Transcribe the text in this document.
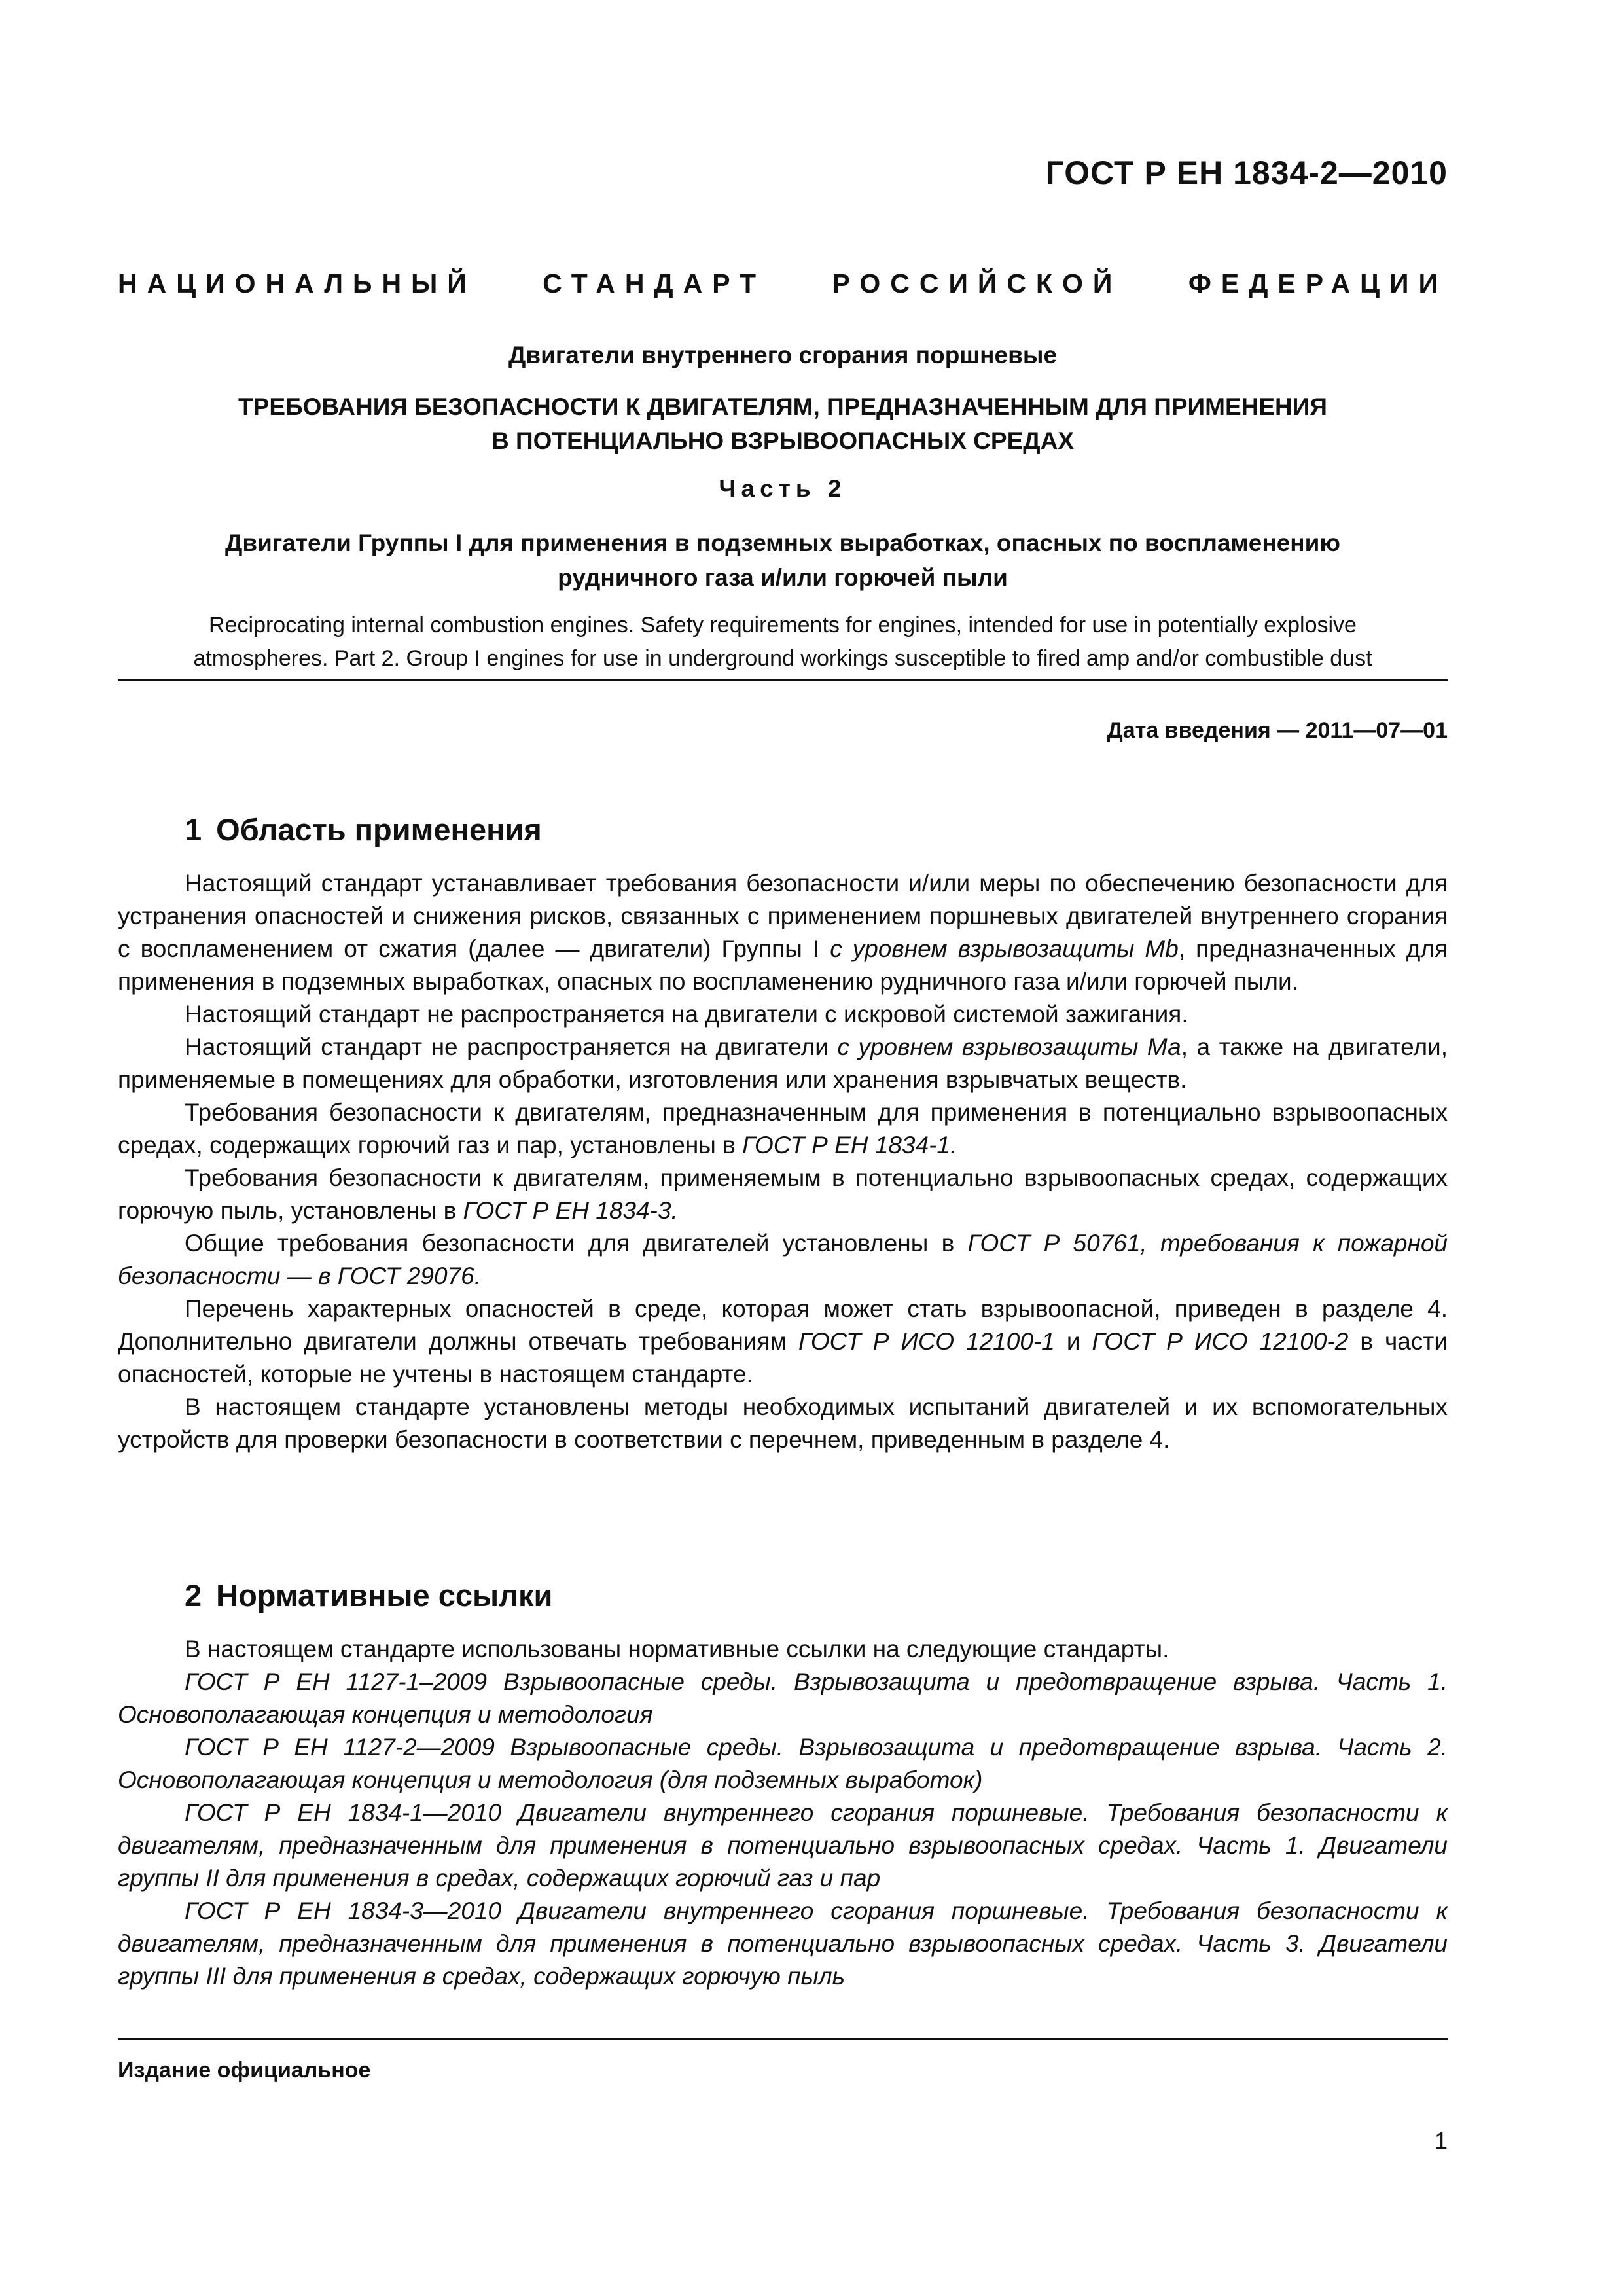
ГОСТ Р ЕН 1834-2—2010
НАЦИОНАЛЬНЫЙ СТАНДАРТ РОССИЙСКОЙ ФЕДЕРАЦИИ
Двигатели внутреннего сгорания поршневые
ТРЕБОВАНИЯ БЕЗОПАСНОСТИ К ДВИГАТЕЛЯМ, ПРЕДНАЗНАЧЕННЫМ ДЛЯ ПРИМЕНЕНИЯ
В ПОТЕНЦИАЛЬНО ВЗРЫВООПАСНЫХ СРЕДАХ
Часть 2
Двигатели Группы I для применения в подземных выработках, опасных по воспламенению
рудничного газа и/или горючей пыли
Reciprocating internal combustion engines. Safety requirements for engines, intended for use in potentially explosive
atmospheres. Part 2. Group I engines for use in underground workings susceptible to fired amp and/or combustible dust
Дата введения — 2011—07—01
1 Область применения

Настоящий стандарт устанавливает требования безопасности и/или меры по обеспечению безопасности для устранения опасностей и снижения рисков, связанных с применением поршневых двигателей внутреннего сгорания с воспламенением от сжатия (далее — двигатели) Группы I с уровнем взрывозащиты Mb, предназначенных для применения в подземных выработках, опасных по воспламенению рудничного газа и/или горючей пыли.

Настоящий стандарт не распространяется на двигатели с искровой системой зажигания.

Настоящий стандарт не распространяется на двигатели с уровнем взрывозащиты Ма, а также на двигатели, применяемые в помещениях для обработки, изготовления или хранения взрывчатых веществ.

Требования безопасности к двигателям, предназначенным для применения в потенциально взрывоопасных средах, содержащих горючий газ и пар, установлены в ГОСТ Р ЕН 1834-1.

Требования безопасности к двигателям, применяемым в потенциально взрывоопасных средах, содержащих горючую пыль, установлены в ГОСТ Р ЕН 1834-3.

Общие требования безопасности для двигателей установлены в ГОСТ Р 50761, требования к пожарной безопасности — в ГОСТ 29076.

Перечень характерных опасностей в среде, которая может стать взрывоопасной, приведен в разделе 4. Дополнительно двигатели должны отвечать требованиям ГОСТ Р ИСО 12100-1 и ГОСТ Р ИСО 12100-2 в части опасностей, которые не учтены в настоящем стандарте.

В настоящем стандарте установлены методы необходимых испытаний двигателей и их вспомогательных устройств для проверки безопасности в соответствии с перечнем, приведенным в разделе 4.

2 Нормативные ссылки

В настоящем стандарте использованы нормативные ссылки на следующие стандарты.

ГОСТ Р ЕН 1127-1–2009 Взрывоопасные среды. Взрывозащита и предотвращение взрыва. Часть 1. Основополагающая концепция и методология

ГОСТ Р ЕН 1127-2—2009 Взрывоопасные среды. Взрывозащита и предотвращение взрыва. Часть 2. Основополагающая концепция и методология (для подземных выработок)

ГОСТ Р ЕН 1834-1—2010 Двигатели внутреннего сгорания поршневые. Требования безопасности к двигателям, предназначенным для применения в потенциально взрывоопасных средах. Часть 1. Двигатели группы II для применения в средах, содержащих горючий газ и пар

ГОСТ Р ЕН 1834-3—2010 Двигатели внутреннего сгорания поршневые. Требования безопасности к двигателям, предназначенным для применения в потенциально взрывоопасных средах. Часть 3. Двигатели группы III для применения в средах, содержащих горючую пыль

Издание официальное
1
